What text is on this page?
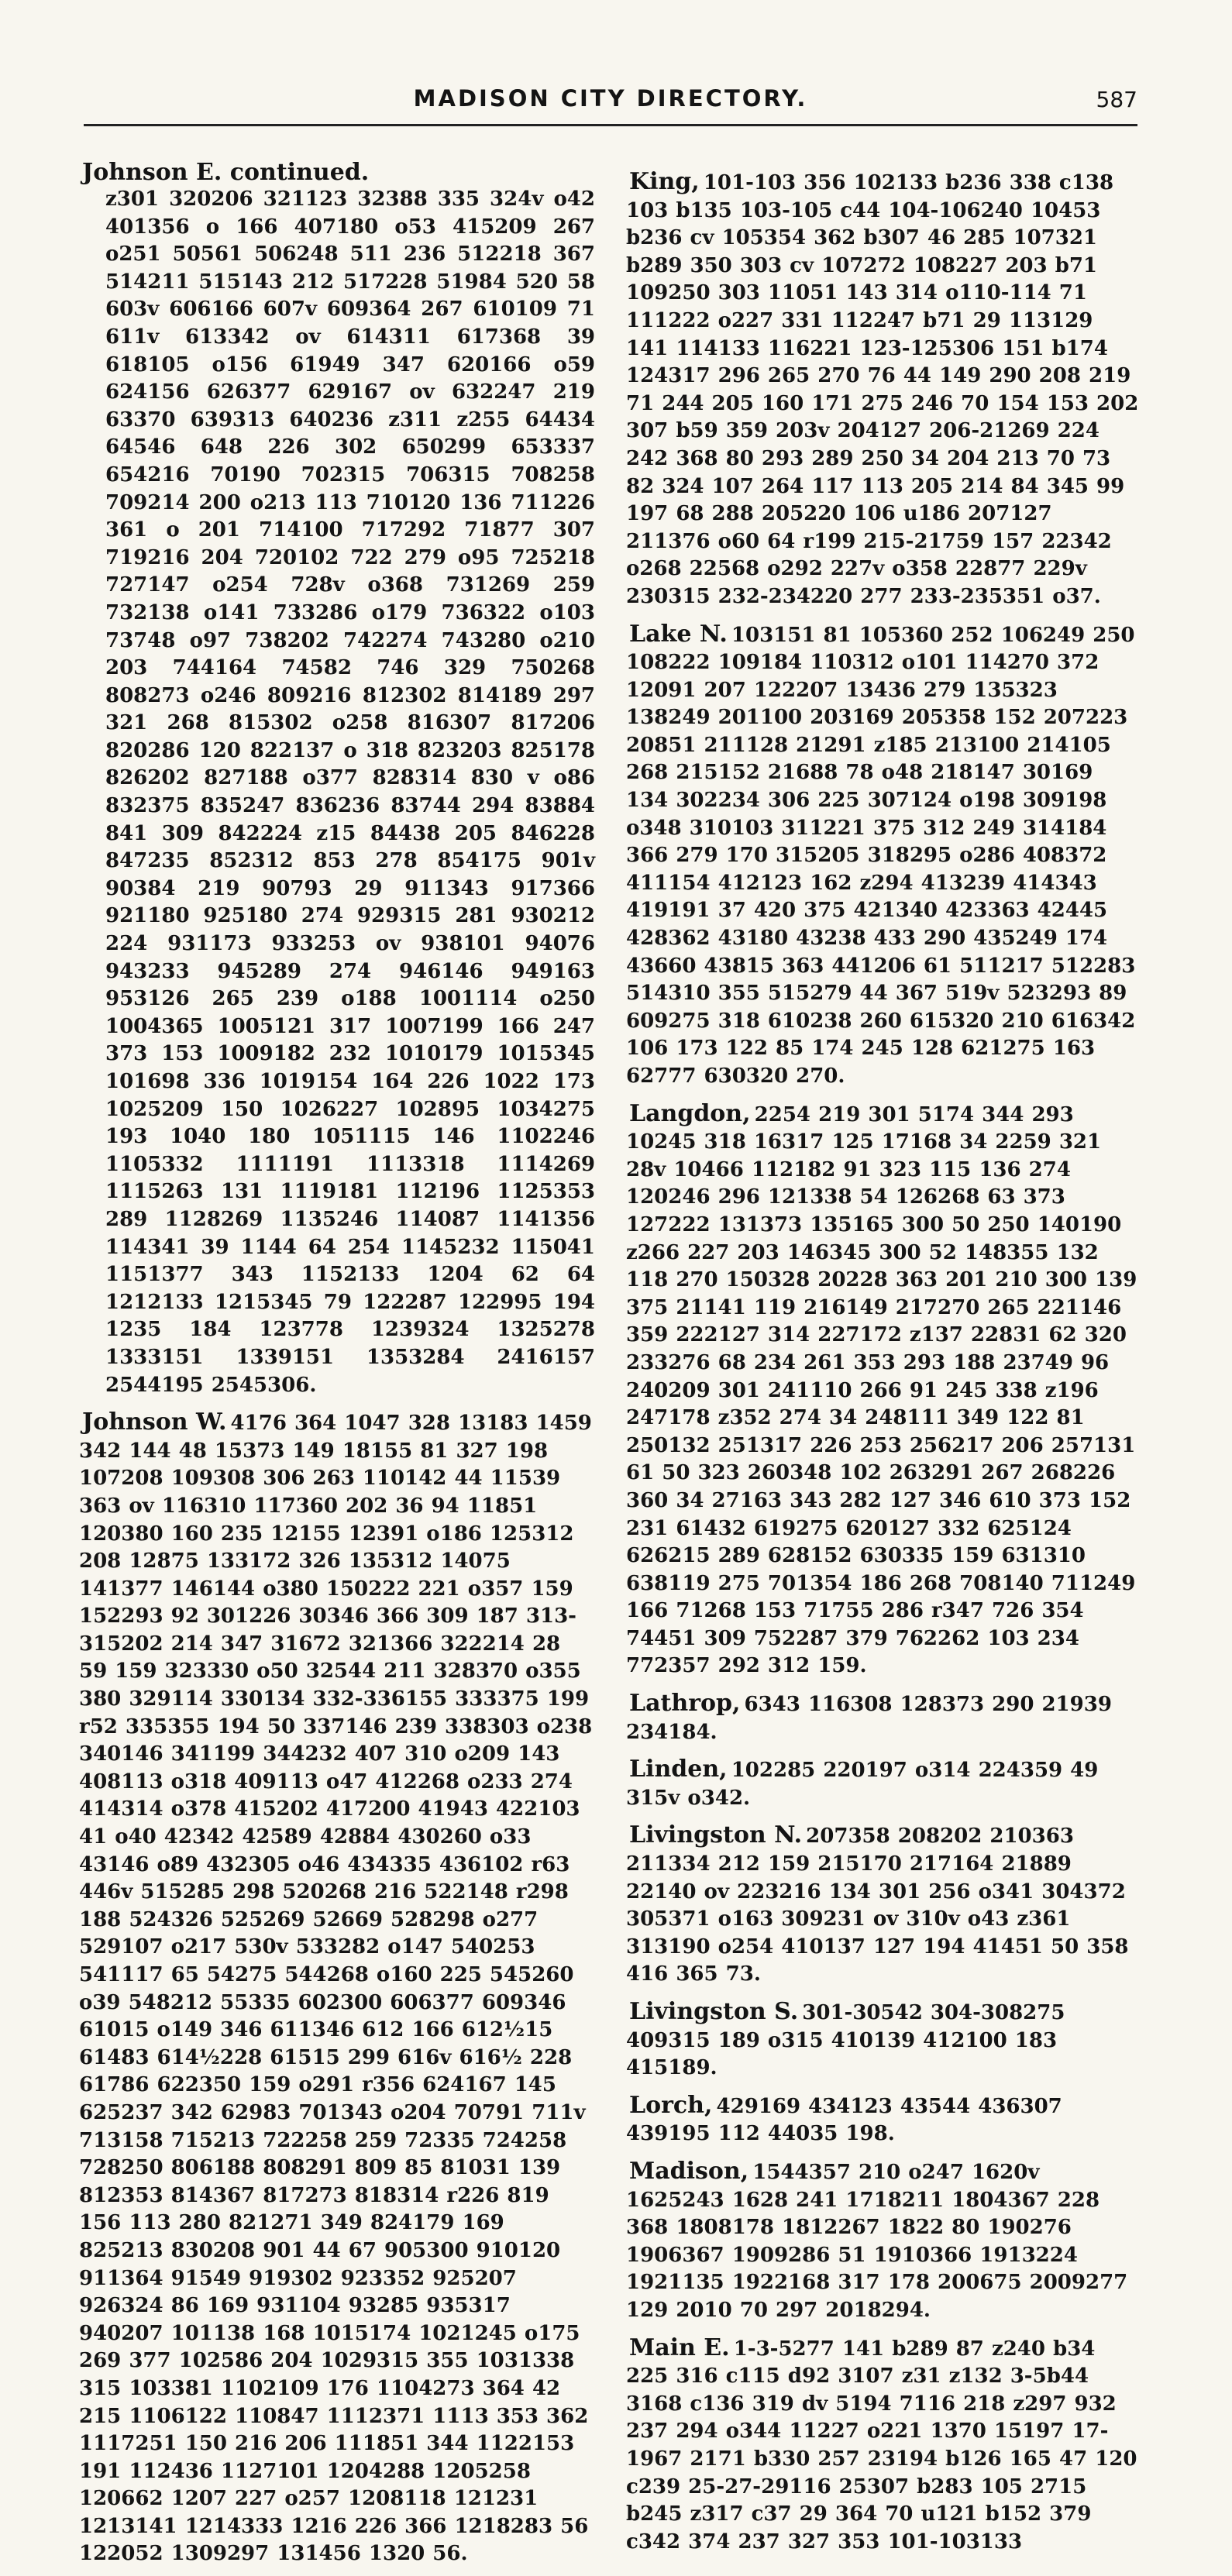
MADISON CITY DIRECTORY.	587

Johnson E. continued.

z301 320206 321123 32388 335 324v o42 401356 o 166 407180 o53 415209 267 o251 50561 506248 511 236 512218 367 514211 515143 212 517228 51984 520 58 603v 606166 607v 609364 267 610109 71 611v 613342 ov 614311 617368 39 618105 o156 61949 347 620166 o59 624156 626377 629167 ov 632247 219 63370 639313 640236 z311 z255 64434 64546 648 226 302 650299 653337 654216 70190 702315 706315 708258 709214 200 o213 113 710120 136 711226 361 o 201 714100 717292 71877 307 719216 204 720102 722 279 o95 725218 727147 o254 728v o368 731269 259 732138 o141 733286 o179 736322 o103 73748 o97 738202 742274 743280 o210 203 744164 74582 746 329 750268 808273 o246 809216 812302 814189 297 321 268 815302 o258 816307 817206 820286 120 822137 o 318 823203 825178 826202 827188 o377 828314 830 v o86 832375 835247 836236 83744 294 83884 841 309 842224 z15 84438 205 846228 847235 852312 853 278 854175 901v 90384 219 90793 29 911343 917366 921180 925180 274 929315 281 930212 224 931173 933253 ov 938101 94076 943233 945289 274 946146 949163 953126 265 239 o188 1001114 o250 1004365 1005121 317 1007199 166 247 373 153 1009182 232 1010179 1015345 101698 336 1019154 164 226 1022 173 1025209 150 1026227 102895 1034275 193 1040 180 1051115 146 1102246 1105332 1111191 1113318 1114269 1115263 131 1119181 112196 1125353 289 1128269 1135246 114087 1141356 114341 39 1144 64 254 1145232 115041 1151377 343 1152133 1204 62 64 1212133 1215345 79 122287 122995 194 1235 184 123778 1239324 1325278 1333151 1339151 1353284 2416157 2544195 2545306.

Johnson W.

4176 364 1047 328 13183 1459 342 144 48 15373 149 18155 81 327 198 107208 109308 306 263 110142 44 11539 363 ov 116310 117360 202 36 94 11851 120380 160 235 12155 12391 o186 125312 208 12875 133172 326 135312 14075 141377 146144 o380 150222 221 o357 159 152293 92 301226 30346 366 309 187 313-315202 214 347 31672 321366 322214 28 59 159 323330 o50 32544 211 328370 o355 380 329114 330134 332-336155 333375 199 r52 335355 194 50 337146 239 338303 o238 340146 341199 344232 407 310 o209 143 408113 o318 409113 o47 412268 o233 274 414314 o378 415202 417200 41943 422103 41 o40 42342 42589 42884 430260 o33 43146 o89 432305 o46 434335 436102 r63 446v 515285 298 520268 216 522148 r298 188 524326 525269 52669 528298 o277 529107 o217 530v 533282 o147 540253 541117 65 54275 544268 o160 225 545260 o39 548212 55335 602300 606377 609346 61015 o149 346 611346 612 166 612½15 61483 614½228 61515 299 616v 616½ 228 61786 622350 159 o291 r356 624167 145 625237 342 62983 701343 o204 70791 711v 713158 715213 722258 259 72335 724258 728250 806188 808291 809 85 81031 139 812353 814367 817273 818314 r226 819 156 113 280 821271 349 824179 169 825213 830208 901 44 67 905300 910120 911364 91549 919302 923352 925207 926324 86 169 931104 93285 935317 940207 101138 168 1015174 1021245 o175 269 377 102586 204 1029315 355 1031338 315 103381 1102109 176 1104273 364 42 215 1106122 110847 1112371 1113 353 362 1117251 150 216 206 111851 344 1122153 191 112436 1127101 1204288 1205258 120662 1207 227 o257 1208118 121231 1213141 1214333 1216 226 366 1218283 56 122052 1309297 131456 1320 56.

King,

101-103 356 102133 b236 338 c138 103 b135 103-105 c44 104-106240 10453 b236 cv 105354 362 b307 46 285 107321 b289 350 303 cv 107272 108227 203 b71 109250 303 11051 143 314 o110-114 71 111222 o227 331 112247 b71 29 113129 141 114133 116221 123-125306 151 b174 124317 296 265 270 76 44 149 290 208 219 71 244 205 160 171 275 246 70 154 153 202 307 b59 359 203v 204127 206-21269 224 242 368 80 293 289 250 34 204 213 70 73 82 324 107 264 117 113 205 214 84 345 99 197 68 288 205220 106 u186 207127 211376 o60 64 r199 215-21759 157 22342 o268 22568 o292 227v o358 22877 229v 230315 232-234220 277 233-235351 o37.

Lake N.

103151 81 105360 252 106249 250 108222 109184 110312 o101 114270 372 12091 207 122207 13436 279 135323 138249 201100 203169 205358 152 207223 20851 211128 21291 z185 213100 214105 268 215152 21688 78 o48 218147 30169 134 302234 306 225 307124 o198 309198 o348 310103 311221 375 312 249 314184 366 279 170 315205 318295 o286 408372 411154 412123 162 z294 413239 414343 419191 37 420 375 421340 423363 42445 428362 43180 43238 433 290 435249 174 43660 43815 363 441206 61 511217 512283 514310 355 515279 44 367 519v 523293 89 609275 318 610238 260 615320 210 616342 106 173 122 85 174 245 128 621275 163 62777 630320 270.

Langdon,

2254 219 301 5174 344 293 10245 318 16317 125 17168 34 2259 321 28v 10466 112182 91 323 115 136 274 120246 296 121338 54 126268 63 373 127222 131373 135165 300 50 250 140190 z266 227 203 146345 300 52 148355 132 118 270 150328 20228 363 201 210 300 139 375 21141 119 216149 217270 265 221146 359 222127 314 227172 z137 22831 62 320 233276 68 234 261 353 293 188 23749 96 240209 301 241110 266 91 245 338 z196 247178 z352 274 34 248111 349 122 81 250132 251317 226 253 256217 206 257131 61 50 323 260348 102 263291 267 268226 360 34 27163 343 282 127 346 610 373 152 231 61432 619275 620127 332 625124 626215 289 628152 630335 159 631310 638119 275 701354 186 268 708140 711249 166 71268 153 71755 286 r347 726 354 74451 309 752287 379 762262 103 234 772357 292 312 159.

Lathrop,

6343 116308 128373 290 21939 234184.

Linden,

102285 220197 o314 224359 49 315v o342.

Livingston N.

207358 208202 210363 211334 212 159 215170 217164 21889 22140 ov 223216 134 301 256 o341 304372 305371 o163 309231 ov 310v o43 z361 313190 o254 410137 127 194 41451 50 358 416 365 73.

Livingston S.

301-30542 304-308275 409315 189 o315 410139 412100 183 415189.

Lorch,

429169 434123 43544 436307 439195 112 44035 198.

Madison,

1544357 210 o247 1620v 1625243 1628 241 1718211 1804367 228 368 1808178 1812267 1822 80 190276 1906367 1909286 51 1910366 1913224 1921135 1922168 317 178 200675 2009277 129 2010 70 297 2018294.

Main E.

1-3-5277 141 b289 87 z240 b34 225 316 c115 d92 3107 z31 z132 3-5b44 3168 c136 319 dv 5194 7116 218 z297 932 237 294 o344 11227 o221 1370 15197 17-1967 2171 b330 257 23194 b126 165 47 120 c239 25-27-29116 25307 b283 105 2715 b245 z317 c37 29 364 70 u121 b152 379 c342 374 237 327 353 101-103133
